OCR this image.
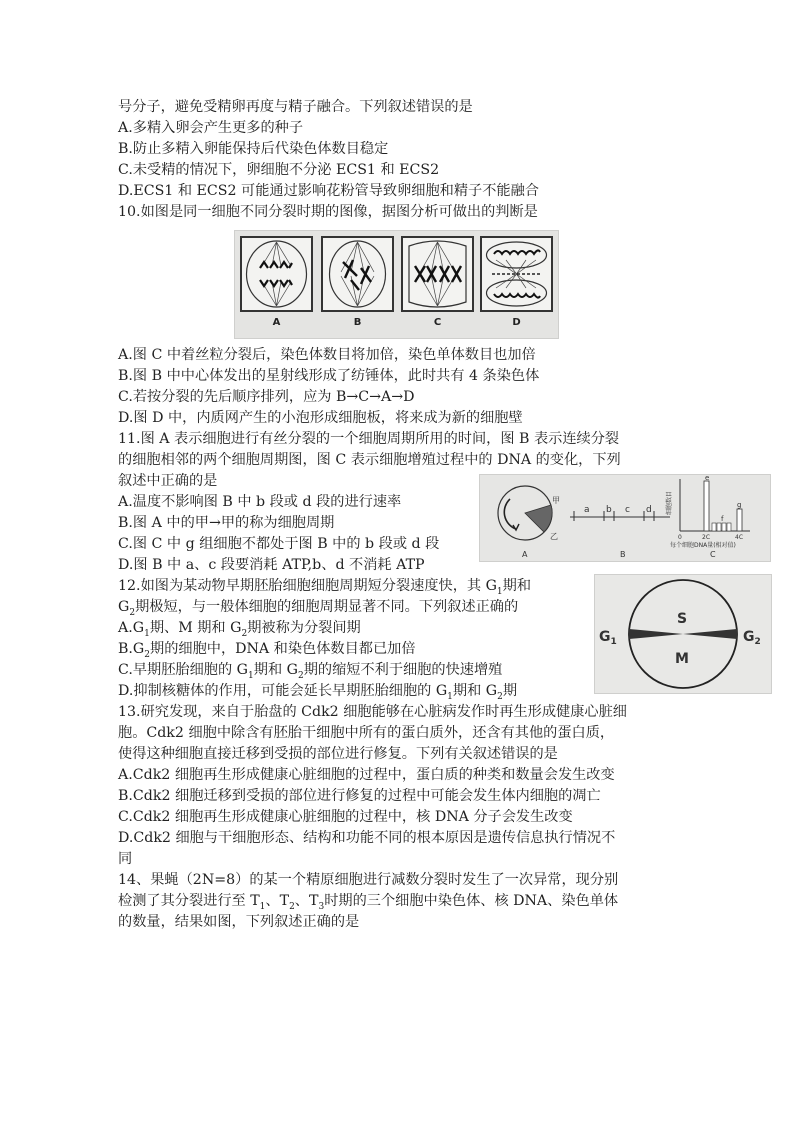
号分子，避免受精卵再度与精子融合。下列叙述错误的是
A.多精入卵会产生更多的种子
B.防止多精入卵能保持后代染色体数目稳定
C.未受精的情况下，卵细胞不分泌 ECS1 和 ECS2
D.ECS1 和 ECS2 可能通过影响花粉管导致卵细胞和精子不能融合
10.如图是同一细胞不同分裂时期的图像，据图分析可做出的判断是
A	B	C	D
A.图 C 中着丝粒分裂后，染色体数目将加倍，染色单体数目也加倍
B.图 B 中中心体发出的星射线形成了纺锤体，此时共有 4 条染色体
C.若按分裂的先后顺序排列，应为 B→C→A→D
D.图 D 中，内质网产生的小泡形成细胞板，将来成为新的细胞壁
11.图 A 表示细胞进行有丝分裂的一个细胞周期所用的时间，图 B 表示连续分裂
的细胞相邻的两个细胞周期图，图 C 表示细胞增殖过程中的 DNA 的变化，下列
叙述中正确的是
A.温度不影响图 B 中 b 段或 d 段的进行速率
B.图 A 中的甲→甲的称为细胞周期
C.图 C 中 g 组细胞不都处于图 B 中的 b 段或 d 段
D.图 B 中 a、c 段要消耗 ATP,b、d 不消耗 ATP
甲
乙
A
a b c d
B
细胞数目
e
f
g
0	2C	4C
每个细胞DNA量(相对值)
C
12.如图为某动物早期胚胎细胞细胞周期短分裂速度快，其 $G_1$期和
$G_2$期极短，与一般体细胞的细胞周期显著不同。下列叙述正确的
$A.G_1$期、M 期和 $G_2$期被称为分裂间期
$B.G_2$期的细胞中，DNA 和染色体数目都已加倍
C.早期胚胎细胞的 $G_1$期和 $G_2$期的缩短不利于细胞的快速增殖
D.抑制核糖体的作用，可能会延长早期胚胎细胞的 $G_1$期和 $G_2$期
S
M
$G_1$	$G_2$
13.研究发现，来自于胎盘的 Cdk2 细胞能够在心脏病发作时再生形成健康心脏细
胞。Cdk2 细胞中除含有胚胎干细胞中所有的蛋白质外，还含有其他的蛋白质，
使得这种细胞直接迁移到受损的部位进行修复。下列有关叙述错误的是
A.Cdk2 细胞再生形成健康心脏细胞的过程中，蛋白质的种类和数量会发生改变
B.Cdk2 细胞迁移到受损的部位进行修复的过程中可能会发生体内细胞的凋亡
C.Cdk2 细胞再生形成健康心脏细胞的过程中，核 DNA 分子会发生改变
D.Cdk2 细胞与干细胞形态、结构和功能不同的根本原因是遗传信息执行情况不
同
14、果蝇（2N=8）的某一个精原细胞进行减数分裂时发生了一次异常，现分别
检测了其分裂进行至 $T_1$、$T_2$、$T_3$时期的三个细胞中染色体、核 DNA、染色单体
的数量，结果如图，下列叙述正确的是
